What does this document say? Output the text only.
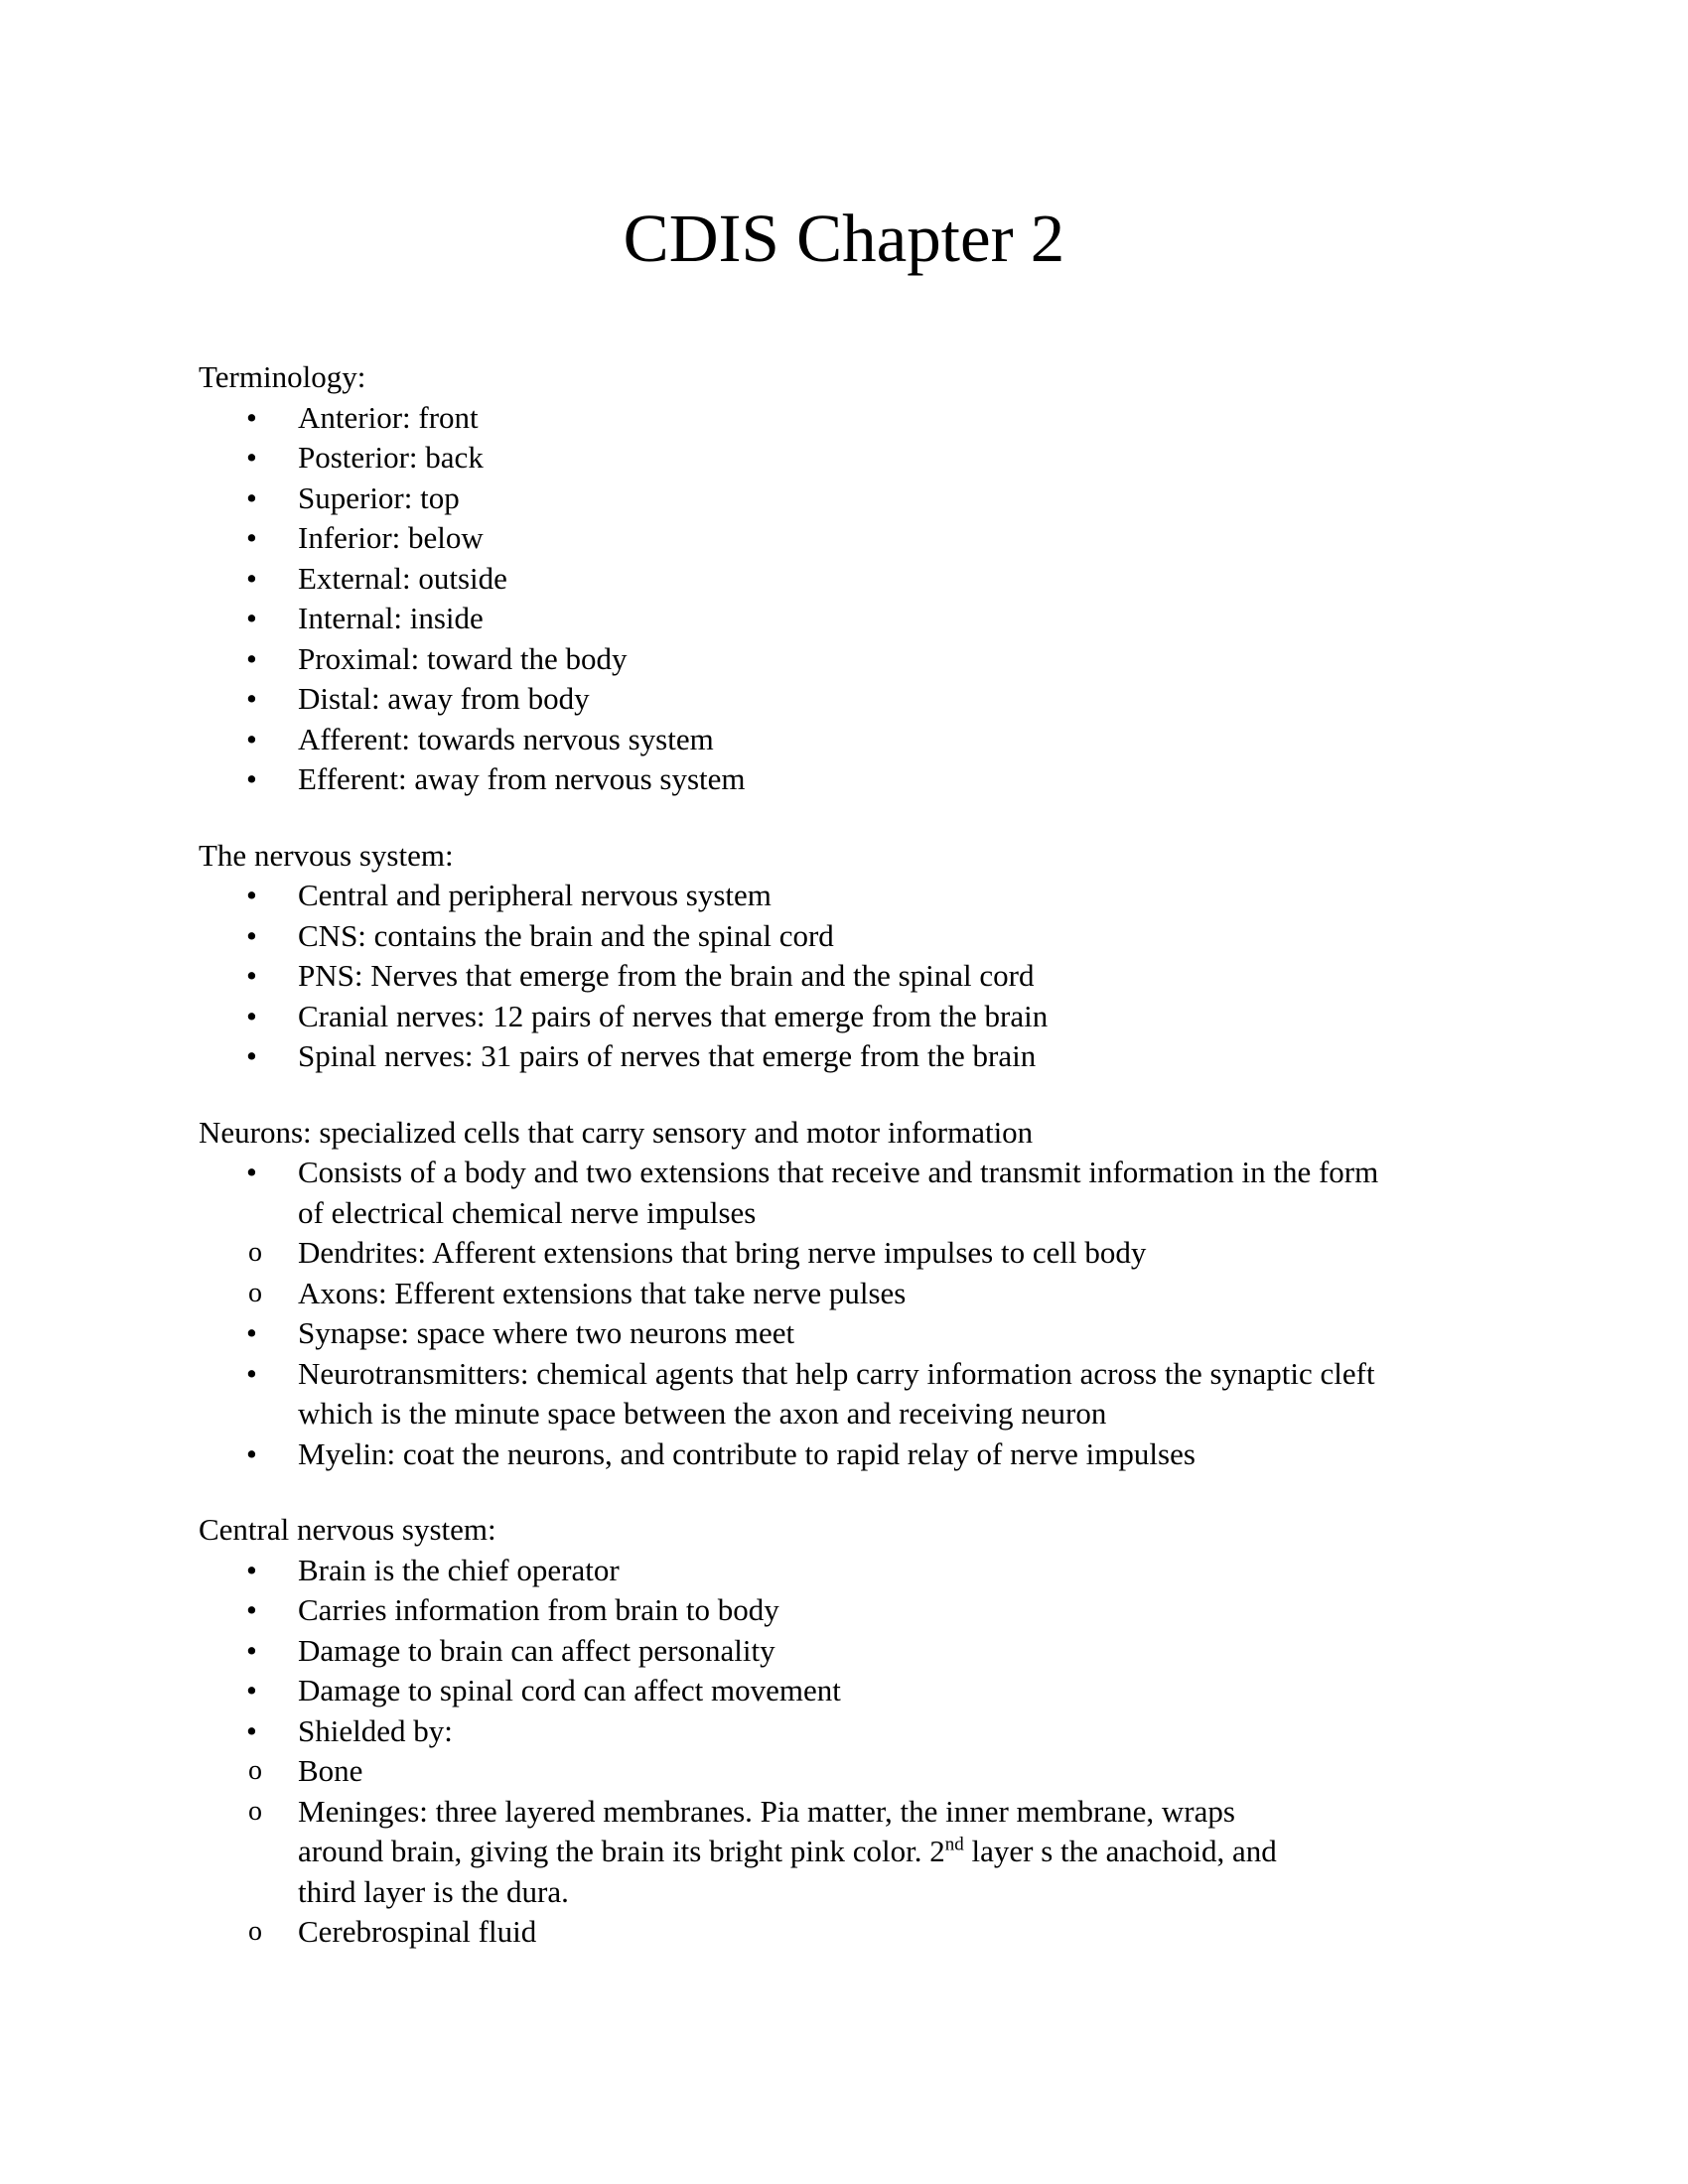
CDIS Chapter 2

Terminology:

• Anterior: front
• Posterior: back
• Superior: top
• Inferior: below
• External: outside
• Internal: inside
• Proximal: toward the body
• Distal: away from body
• Afferent: towards nervous system
• Efferent: away from nervous system

The nervous system:

• Central and peripheral nervous system
• CNS: contains the brain and the spinal cord
• PNS: Nerves that emerge from the brain and the spinal cord
• Cranial nerves: 12 pairs of nerves that emerge from the brain
• Spinal nerves: 31 pairs of nerves that emerge from the brain

Neurons: specialized cells that carry sensory and motor information

• Consists of a body and two extensions that receive and transmit information in the form
of electrical chemical nerve impulses
o Dendrites: Afferent extensions that bring nerve impulses to cell body
o Axons: Efferent extensions that take nerve pulses
• Synapse: space where two neurons meet
• Neurotransmitters: chemical agents that help carry information across the synaptic cleft
which is the minute space between the axon and receiving neuron
• Myelin: coat the neurons, and contribute to rapid relay of nerve impulses

Central nervous system:

• Brain is the chief operator
• Carries information from brain to body
• Damage to brain can affect personality
• Damage to spinal cord can affect movement
• Shielded by:
o Bone
o Meninges: three layered membranes. Pia matter, the inner membrane, wraps
around brain, giving the brain its bright pink color. 2nd layer s the anachoid, and
third layer is the dura.
o Cerebrospinal fluid
